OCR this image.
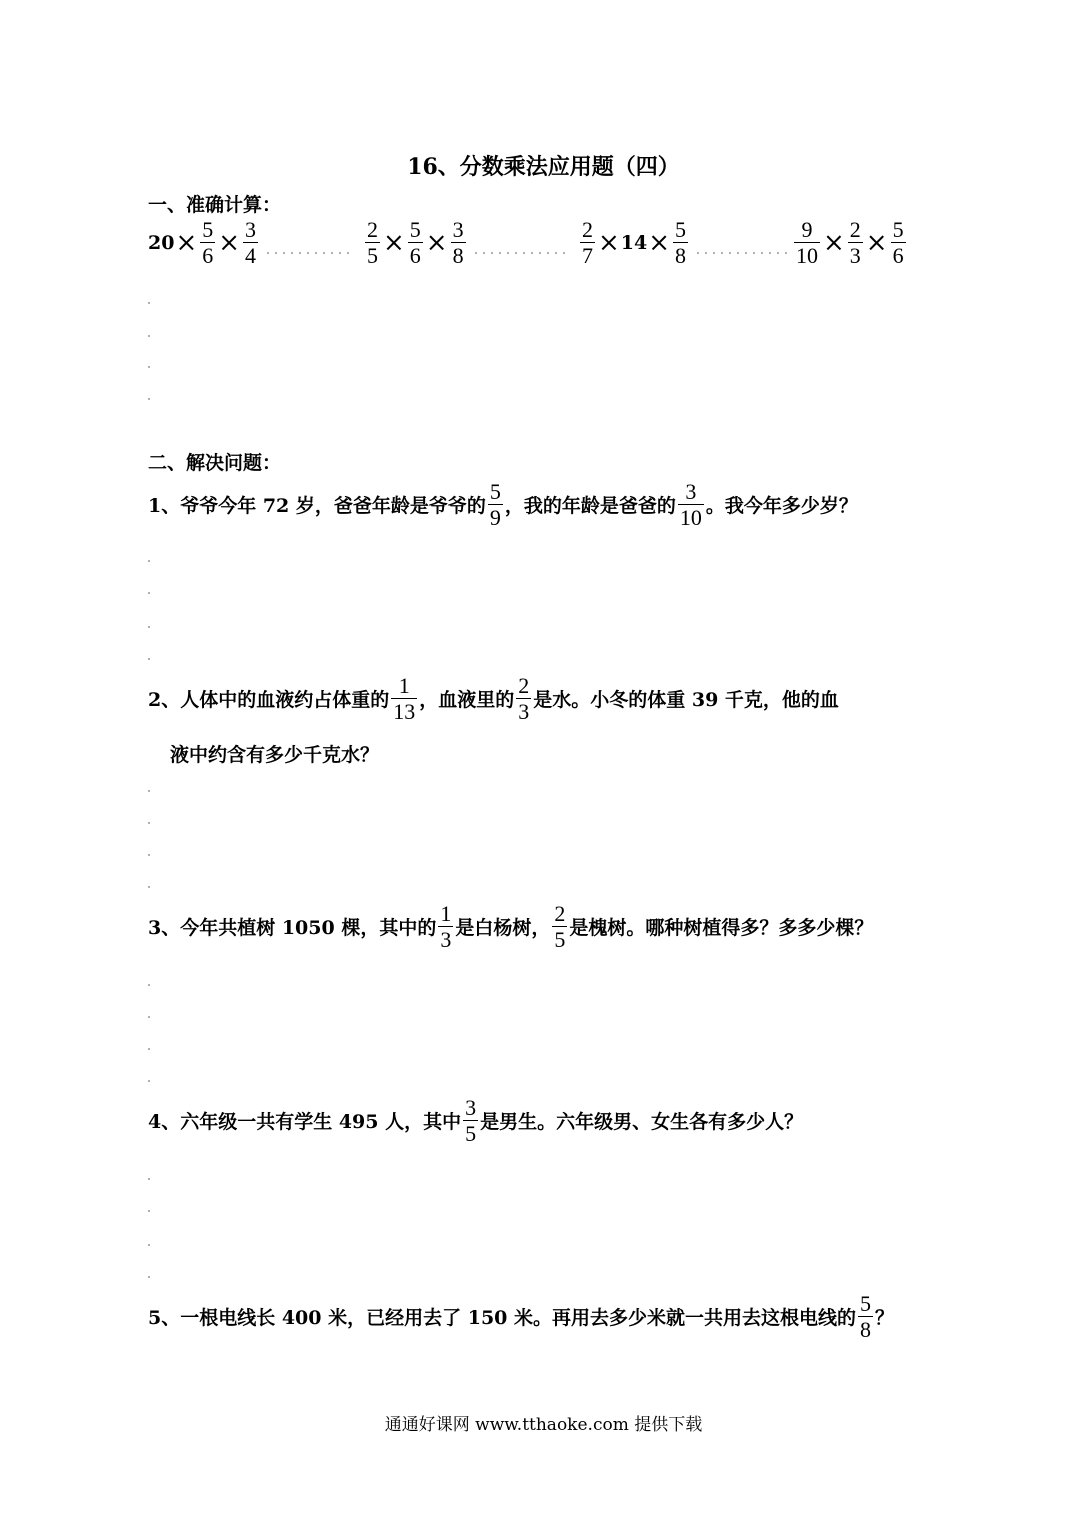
16、分数乘法应用题（四）
一、准确计算：
$20 \times \frac{5}{6} \times \frac{3}{4}$	$\frac{2}{5} \times \frac{5}{6} \times \frac{3}{8}$	$\frac{2}{7} \times 14 \times \frac{5}{8}$	$\frac{9}{10} \times \frac{2}{3} \times \frac{5}{6}$
二、解决问题：
1、爷爷今年 72 岁，爸爸年龄是爷爷的 $\frac{5}{9}$ ，我的年龄是爸爸的 $\frac{3}{10}$ 。我今年多少岁？
2、人体中的血液约占体重的 $\frac{1}{13}$ ，血液里的 $\frac{2}{3}$ 是水。小冬的体重 39 千克，他的血
液中约含有多少千克水？
3、今年共植树 1050 棵，其中的 $\frac{1}{3}$ 是白杨树， $\frac{2}{5}$ 是槐树。哪种树植得多？多多少棵？
4、六年级一共有学生 495 人，其中 $\frac{3}{5}$ 是男生。六年级男、女生各有多少人？
5、一根电线长 400 米，已经用去了 150 米。再用去多少米就一共用去这根电线的 $\frac{5}{8}$ ？
通通好课网 www.tthaoke.com 提供下载
